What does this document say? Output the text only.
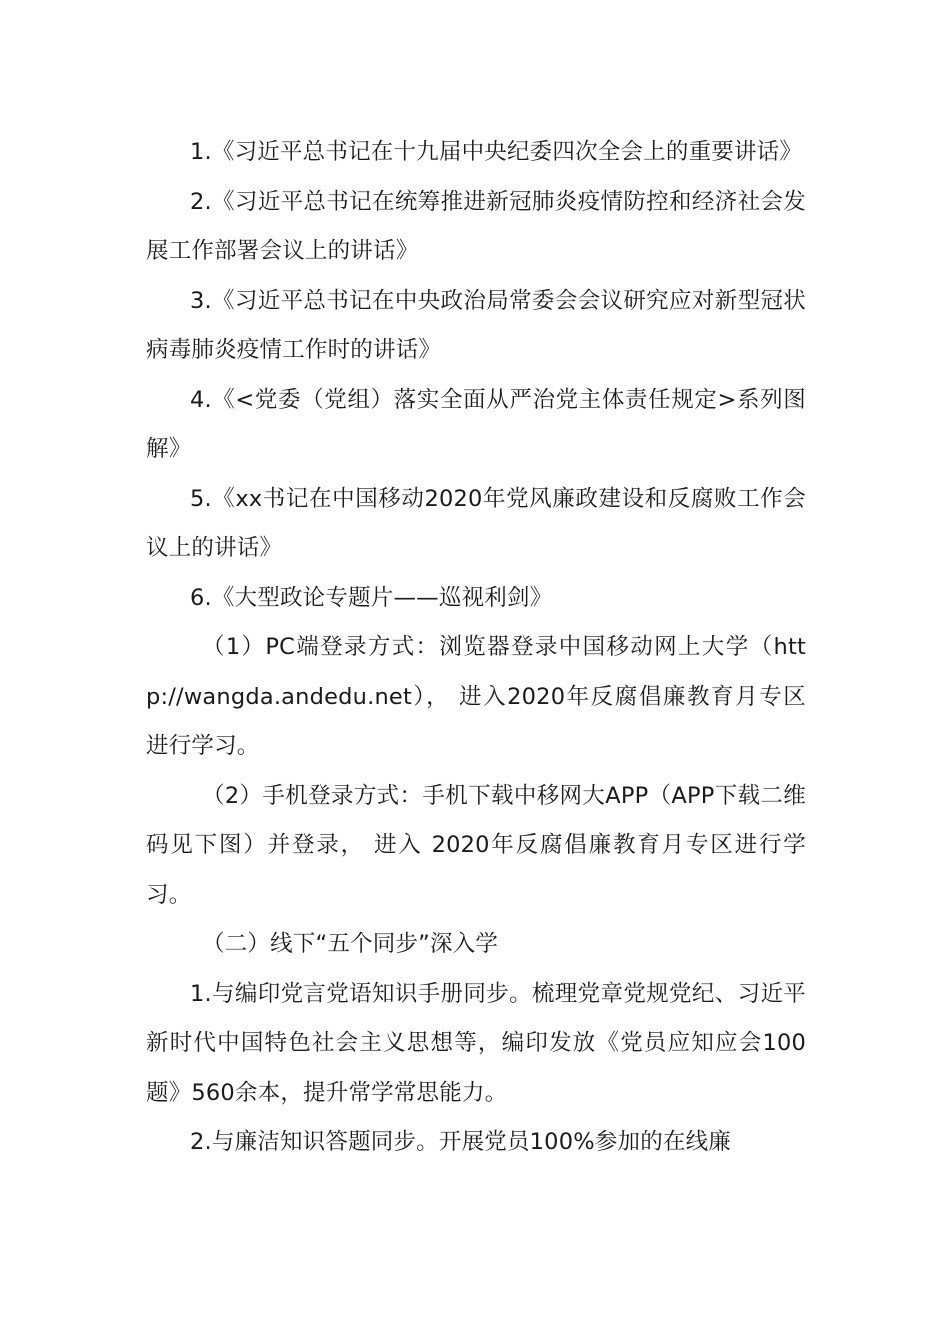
1.《习近平总书记在十九届中央纪委四次全会上的重要讲话》

2.《习近平总书记在统筹推进新冠肺炎疫情防控和经济社会发展工作部署会议上的讲话》

3.《习近平总书记在中央政治局常委会会议研究应对新型冠状病毒肺炎疫情工作时的讲话》

4.《<党委（党组）落实全面从严治党主体责任规定>系列图解》

5.《xx书记在中国移动2020年党风廉政建设和反腐败工作会议上的讲话》

6.《大型政论专题片——巡视利剑》

（1）PC端登录方式：浏览器登录中国移动网上大学（http://wangda.andedu.net）， 进入2020年反腐倡廉教育月专区进行学习。

（2）手机登录方式：手机下载中移网大APP（APP下载二维码见下图）并登录， 进入 2020年反腐倡廉教育月专区进行学习。

（二）线下“五个同步”深入学

1.与编印党言党语知识手册同步。梳理党章党规党纪、习近平新时代中国特色社会主义思想等，编印发放《党员应知应会100题》560余本，提升常学常思能力。

2.与廉洁知识答题同步。开展党员100%参加的在线廉
